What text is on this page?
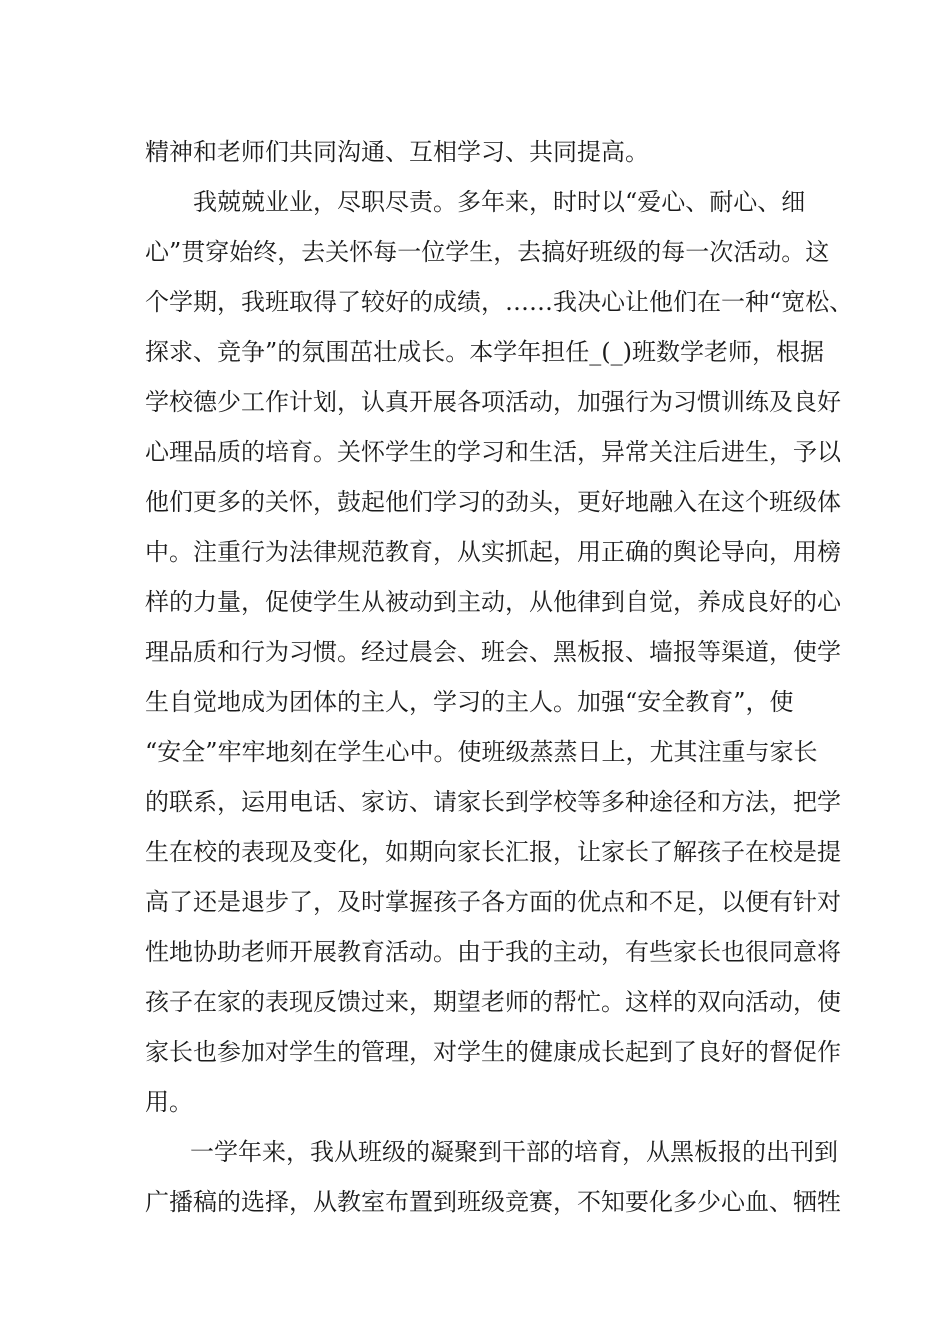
精神和老师们共同沟通、互相学习、共同提高。

我兢兢业业，尽职尽责。多年来，时时以“爱心、耐心、细

心”贯穿始终，去关怀每一位学生，去搞好班级的每一次活动。这

个学期，我班取得了较好的成绩，……我决心让他们在一种“宽松、

探求、竞争”的氛围茁壮成长。本学年担任_(_)班数学老师，根据

学校德少工作计划，认真开展各项活动，加强行为习惯训练及良好

心理品质的培育。关怀学生的学习和生活，异常关注后进生，予以

他们更多的关怀，鼓起他们学习的劲头，更好地融入在这个班级体

中。注重行为法律规范教育，从实抓起，用正确的舆论导向，用榜

样的力量，促使学生从被动到主动，从他律到自觉，养成良好的心

理品质和行为习惯。经过晨会、班会、黑板报、墙报等渠道，使学

生自觉地成为团体的主人，学习的主人。加强“安全教育”，使

“安全”牢牢地刻在学生心中。使班级蒸蒸日上，尤其注重与家长

的联系，运用电话、家访、请家长到学校等多种途径和方法，把学

生在校的表现及变化，如期向家长汇报，让家长了解孩子在校是提

高了还是退步了，及时掌握孩子各方面的优点和不足，以便有针对

性地协助老师开展教育活动。由于我的主动，有些家长也很同意将

孩子在家的表现反馈过来，期望老师的帮忙。这样的双向活动，使

家长也参加对学生的管理，对学生的健康成长起到了良好的督促作

用。

一学年来，我从班级的凝聚到干部的培育，从黑板报的出刊到

广播稿的选择，从教室布置到班级竞赛，不知要化多少心血、牺牲
